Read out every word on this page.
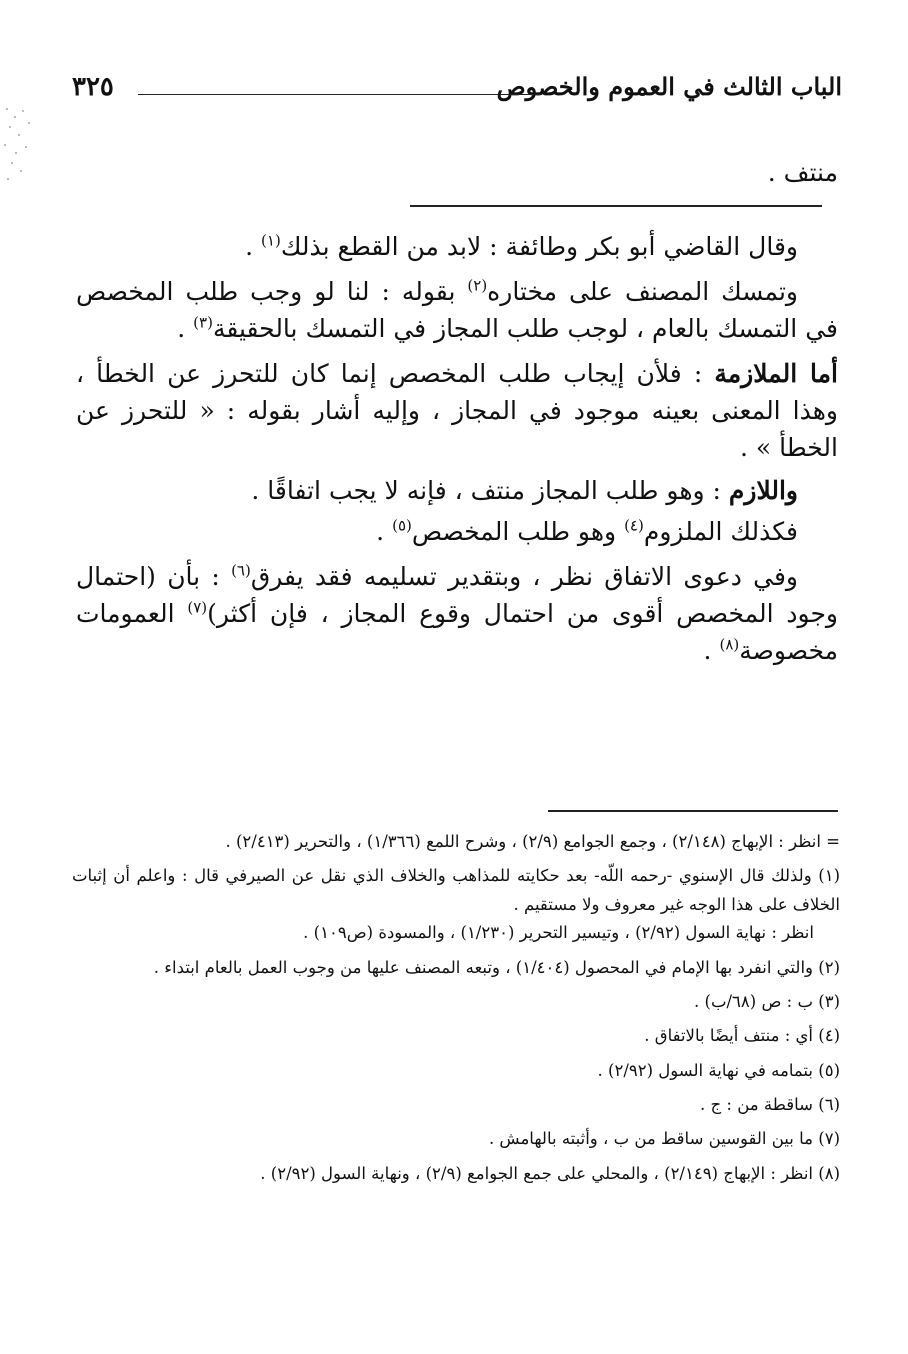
الباب الثالث في العموم والخصوص
٣٢٥
منتف .

وقال القاضي أبو بكر وطائفة : لابد من القطع بذلك$^{(١)}$ .

وتمسك المصنف على مختاره$^{(٢)}$ بقوله : لنا لو وجب طلب المخصص في التمسك بالعام ، لوجب طلب المجاز في التمسك بالحقيقة$^{(٣)}$ .

أما الملازمة : فلأن إيجاب طلب المخصص إنما كان للتحرز عن الخطأ ، وهذا المعنى بعينه موجود في المجاز ، وإليه أشار بقوله : « للتحرز عن الخطأ » .

واللازم : وهو طلب المجاز منتف ، فإنه لا يجب اتفاقًا .

فكذلك الملزوم$^{(٤)}$ وهو طلب المخصص$^{(٥)}$ .

وفي دعوى الاتفاق نظر ، وبتقدير تسليمه فقد يفرق$^{(٦)}$ : بأن (احتمال وجود المخصص أقوى من احتمال وقوع المجاز ، فإن أكثر)$^{(٧)}$ العمومات مخصوصة$^{(٨)}$ .

= انظر : الإبهاج (٢/١٤٨) ، وجمع الجوامع (٢/٩) ، وشرح اللمع (١/٣٦٦) ، والتحرير (٢/٤١٣) .

(١) ولذلك قال الإسنوي -رحمه اللّه- بعد حكايته للمذاهب والخلاف الذي نقل عن الصيرفي قال : واعلم أن إثبات الخلاف على هذا الوجه غير معروف ولا مستقيم .

انظر : نهاية السول (٢/٩٢) ، وتيسير التحرير (١/٢٣٠) ، والمسودة (ص١٠٩) .

(٢) والتي انفرد بها الإمام في المحصول (١/٤٠٤) ، وتبعه المصنف عليها من وجوب العمل بالعام ابتداء .

(٣) ب : ص (٦٨/ب) .

(٤) أي : منتف أيضًا بالاتفاق .

(٥) بتمامه في نهاية السول (٢/٩٢) .

(٦) ساقطة من : ج .

(٧) ما بين القوسين ساقط من ب ، وأثبته بالهامش .

(٨) انظر : الإبهاج (٢/١٤٩) ، والمحلي على جمع الجوامع (٢/٩) ، ونهاية السول (٢/٩٢) .
